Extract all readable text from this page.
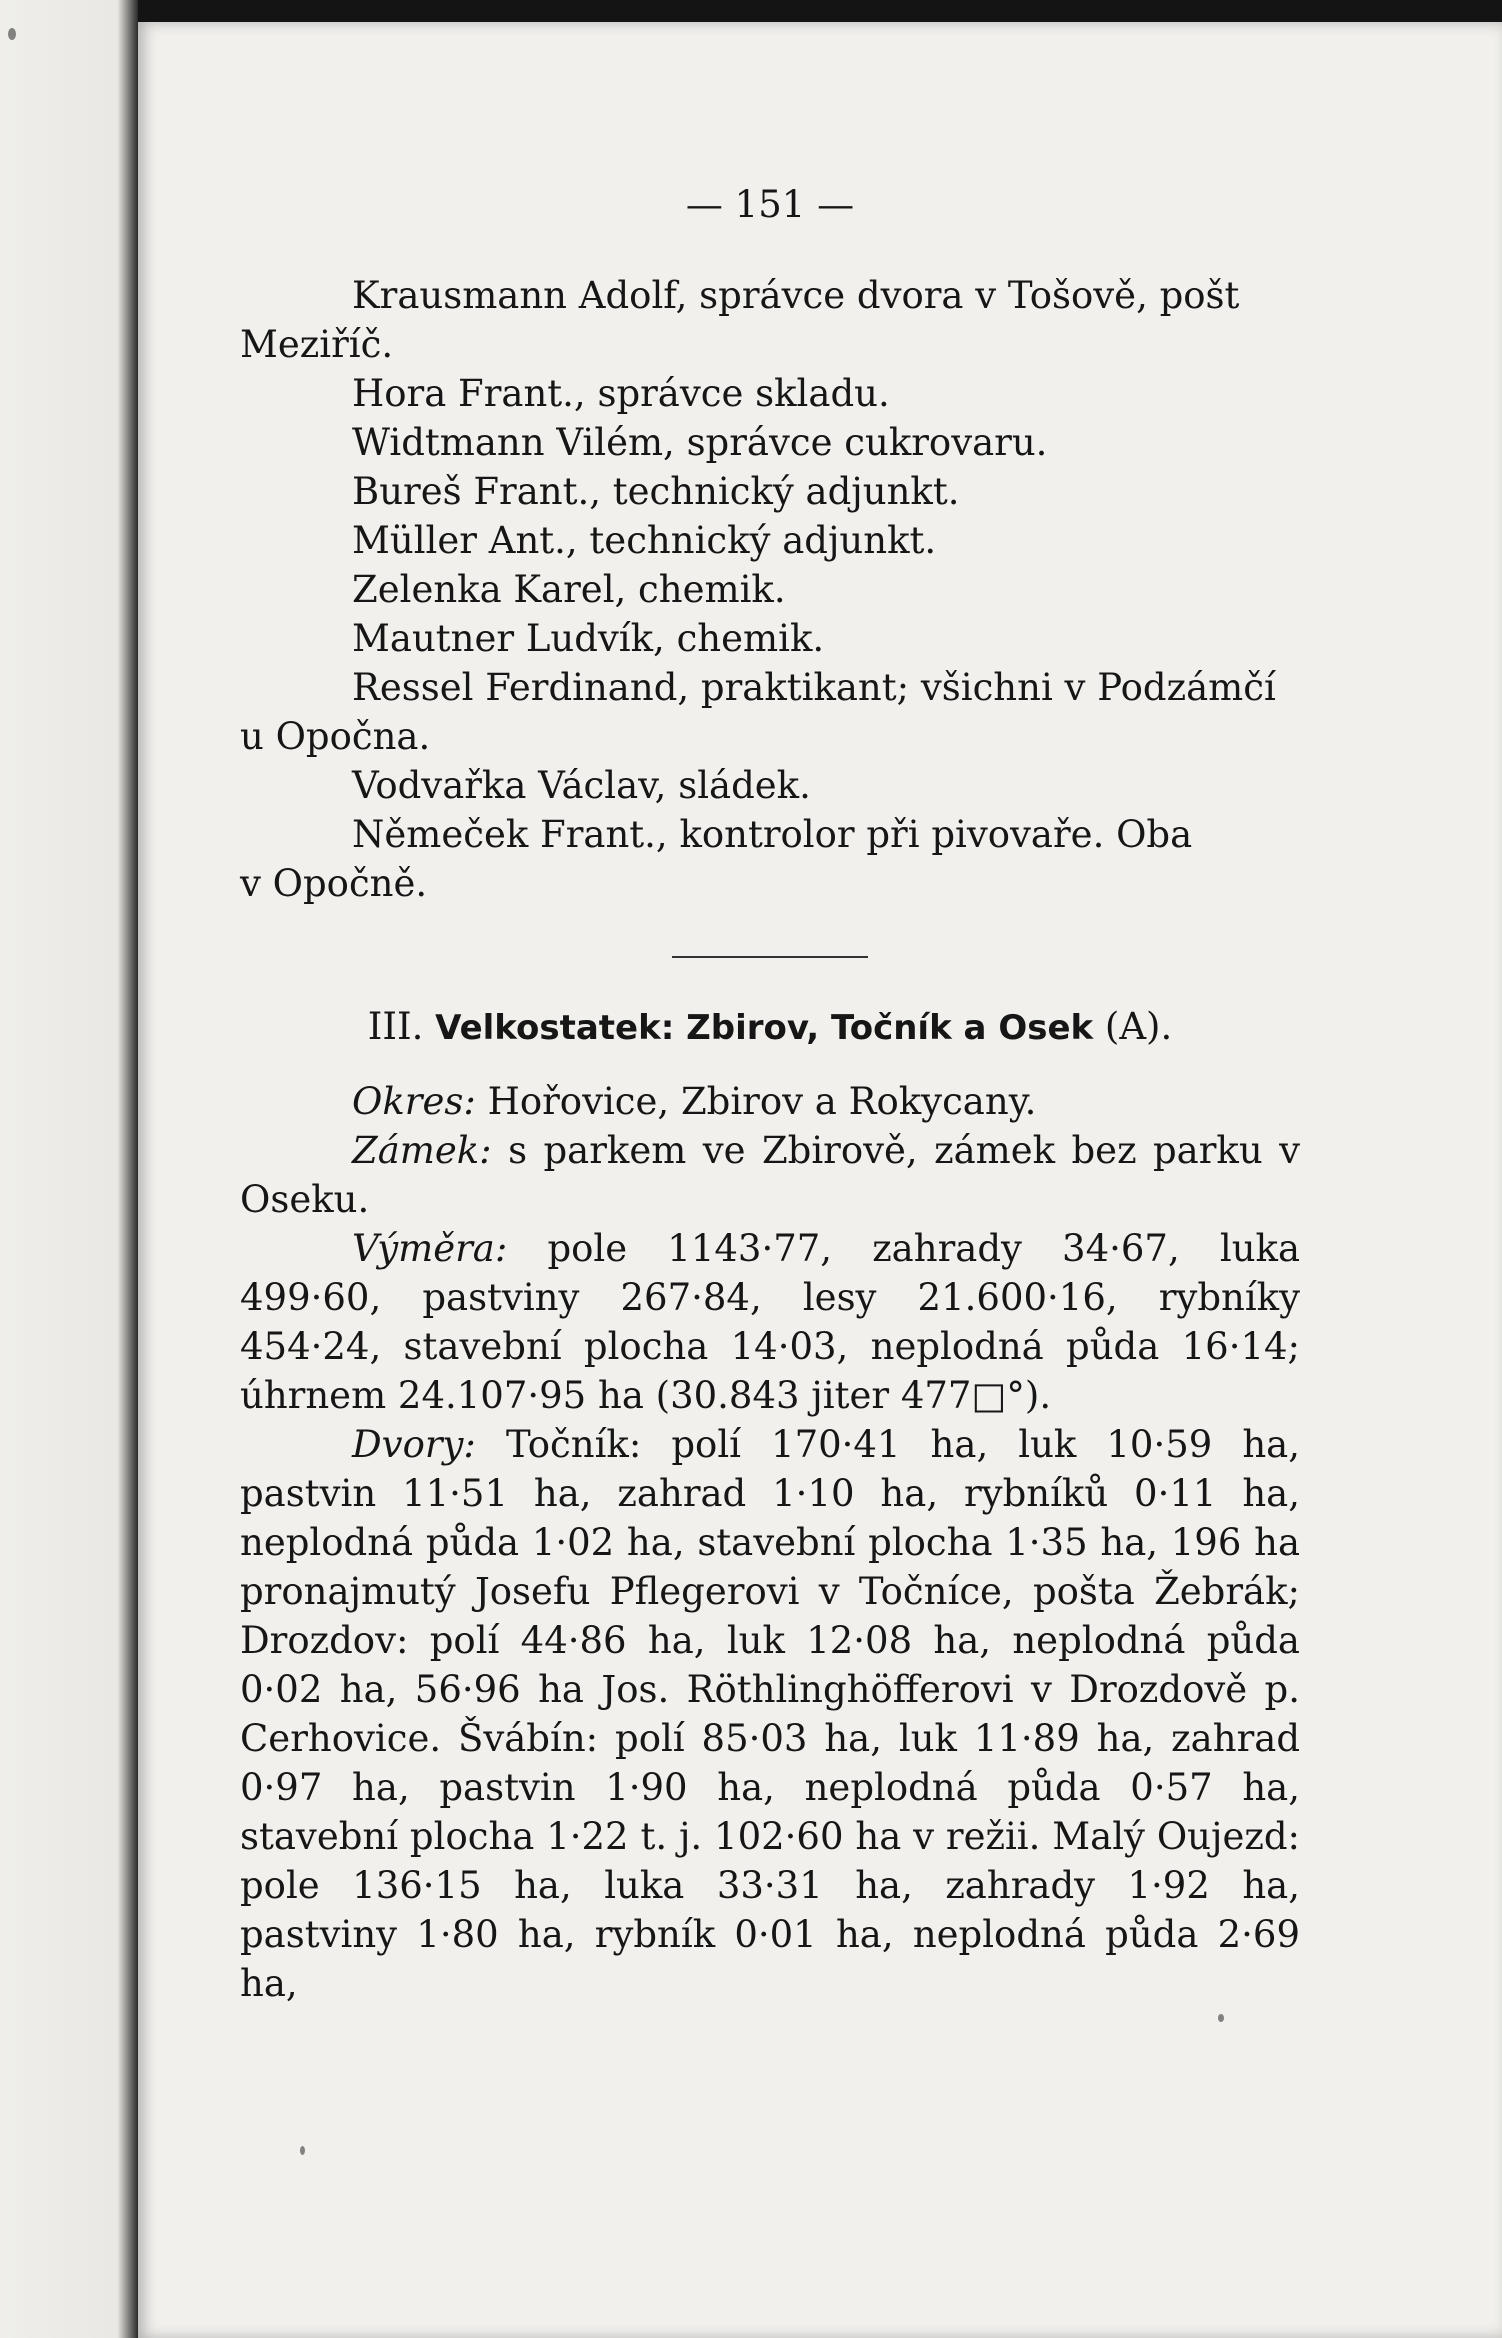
— 151 —

Krausmann Adolf, správce dvora v Tošově, pošt
Meziříč.

Hora Frant., správce skladu.

Widtmann Vilém, správce cukrovaru.

Bureš Frant., technický adjunkt.

Müller Ant., technický adjunkt.

Zelenka Karel, chemik.

Mautner Ludvík, chemik.

Ressel Ferdinand, praktikant; všichni v Podzámčí
u Opočna.

Vodvařka Václav, sládek.

Němeček Frant., kontrolor při pivovaře. Oba
v Opočně.

III. Velkostatek: Zbirov, Točník a Osek (A).

Okres: Hořovice, Zbirov a Rokycany.

Zámek: s parkem ve Zbirově, zámek bez parku v Oseku.

Výměra: pole 1143·77, zahrady 34·67, luka 499·60, pastviny 267·84, lesy 21.600·16, rybníky 454·24, stavební plocha 14·03, neplodná půda 16·14; úhrnem 24.107·95 ha (30.843 jiter 477□°).

Dvory: Točník: polí 170·41 ha, luk 10·59 ha, pastvin 11·51 ha, zahrad 1·10 ha, rybníků 0·11 ha, neplodná půda 1·02 ha, stavební plocha 1·35 ha, 196 ha pronajmutý Josefu Pflegerovi v Točníce, pošta Žebrák; Drozdov: polí 44·86 ha, luk 12·08 ha, neplodná půda 0·02 ha, 56·96 ha Jos. Röthlinghöfferovi v Drozdově p. Cerhovice. Švábín: polí 85·03 ha, luk 11·89 ha, zahrad 0·97 ha, pastvin 1·90 ha, neplodná půda 0·57 ha, stavební plocha 1·22 t. j. 102·60 ha v režii. Malý Oujezd: pole 136·15 ha, luka 33·31 ha, zahrady 1·92 ha, pastviny 1·80 ha, rybník 0·01 ha, neplodná půda 2·69 ha,
